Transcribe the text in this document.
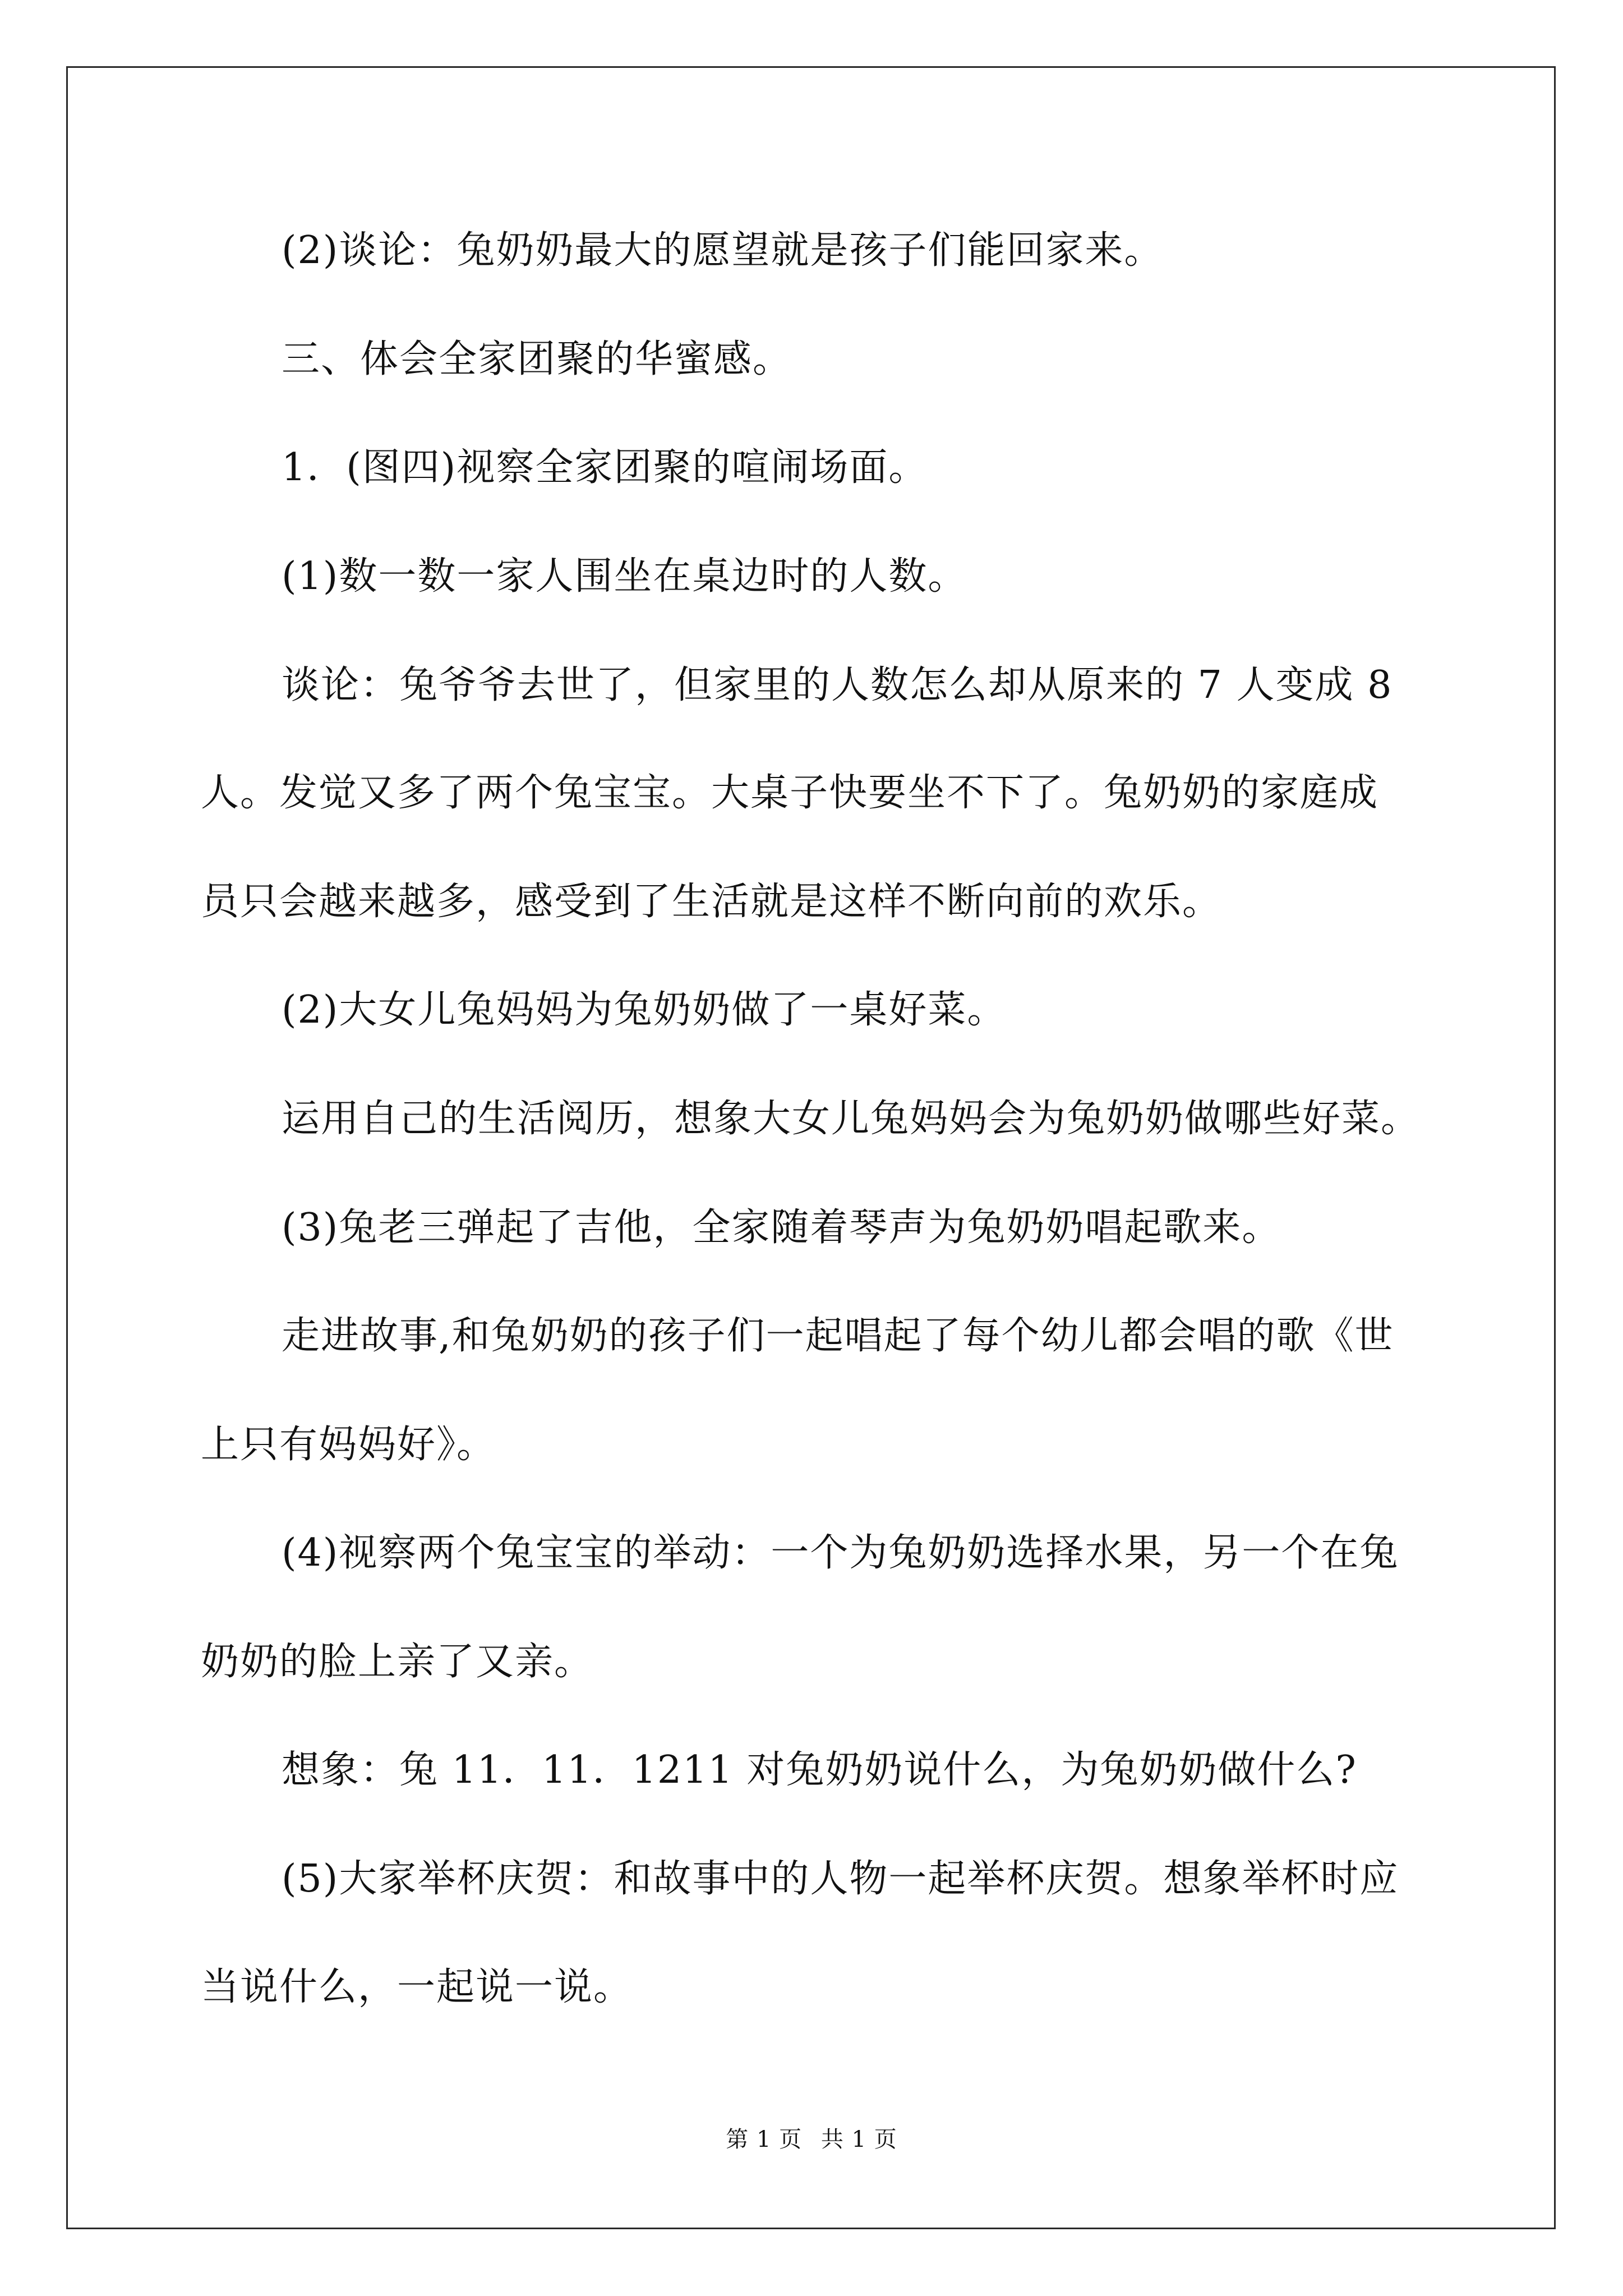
(2)谈论：兔奶奶最大的愿望就是孩子们能回家来。
三、体会全家团聚的华蜜感。
1．(图四)视察全家团聚的喧闹场面。
(1)数一数一家人围坐在桌边时的人数。
谈论：兔爷爷去世了，但家里的人数怎么却从原来的 7 人变成 8
人。发觉又多了两个兔宝宝。大桌子快要坐不下了。兔奶奶的家庭成
员只会越来越多，感受到了生活就是这样不断向前的欢乐。
(2)大女儿兔妈妈为兔奶奶做了一桌好菜。
运用自己的生活阅历，想象大女儿兔妈妈会为兔奶奶做哪些好菜。
(3)兔老三弹起了吉他，全家随着琴声为兔奶奶唱起歌来。
走进故事,和兔奶奶的孩子们一起唱起了每个幼儿都会唱的歌《世
上只有妈妈好》。
(4)视察两个兔宝宝的举动：一个为兔奶奶选择水果，另一个在兔
奶奶的脸上亲了又亲。
想象：兔 11．11．1211 对兔奶奶说什么，为兔奶奶做什么?
(5)大家举杯庆贺：和故事中的人物一起举杯庆贺。想象举杯时应
当说什么，一起说一说。
第 1 页 共 1 页
